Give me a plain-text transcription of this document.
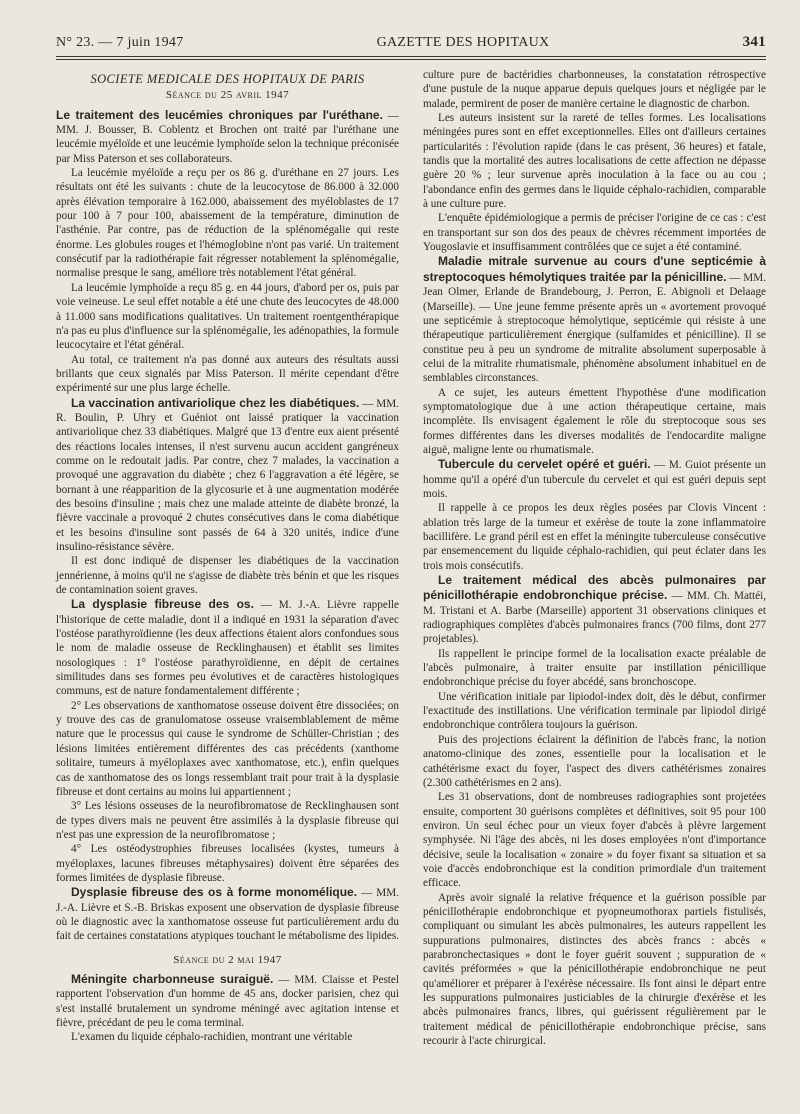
N° 23. — 7 juin 1947	GAZETTE DES HOPITAUX	341
SOCIETE MEDICALE DES HOPITAUX DE PARIS
Séance du 25 avril 1947

Le traitement des leucémies chroniques par l'uréthane. — MM. J. Bousser, B. Coblentz et Brochen ont traité par l'uréthane une leucémie myéloïde et une leucémie lymphoïde selon la technique préconisée par Miss Paterson et ses collaborateurs.

La leucémie myéloïde a reçu per os 86 g. d'uréthane en 27 jours. Les résultats ont été les suivants : chute de la leucocytose de 86.000 à 32.000 après élévation temporaire à 162.000, abaissement des myéloblastes de 17 pour 100 à 7 pour 100, abaissement de la température, diminution de l'asthénie. Par contre, pas de réduction de la splénomégalie qui reste énorme. Les globules rouges et l'hémoglobine n'ont pas varié. Un traitement consécutif par la radiothérapie fait régresser notablement la splénomégalie, normalise presque le sang, améliore très notablement l'état général.

La leucémie lymphoïde a reçu 85 g. en 44 jours, d'abord per os, puis par voie veineuse. Le seul effet notable a été une chute des leucocytes de 48.000 à 11.000 sans modifications qualitatives. Un traitement roentgenthérapique n'a pas eu plus d'influence sur la splénomégalie, les adénopathies, la formule leucocytaire et l'état général.

Au total, ce traitement n'a pas donné aux auteurs des résultats aussi brillants que ceux signalés par Miss Paterson. Il mérite cependant d'être expérimenté sur une plus large échelle.

La vaccination antivariolique chez les diabétiques. — MM. R. Boulin, P. Uhry et Guéniot ont laissé pratiquer la vaccination antivariolique chez 33 diabétiques. Malgré que 13 d'entre eux aient présenté des réactions locales intenses, il n'est survenu aucun accident gangréneux comme on le redoutait jadis. Par contre, chez 7 malades, la vaccination a provoqué une aggravation du diabète ; chez 6 l'aggravation a été légère, se bornant à une réapparition de la glycosurie et à une augmentation modérée des besoins d'insuline ; mais chez une malade atteinte de diabète bronzé, la fièvre vaccinale a provoqué 2 chutes consécutives dans le coma diabétique et les besoins d'insuline sont passés de 64 à 320 unités, indice d'une insulino-résistance sévère.

Il est donc indiqué de dispenser les diabétiques de la vaccination jennérienne, à moins qu'il ne s'agisse de diabète très bénin et que les risques de contamination soient graves.

La dysplasie fibreuse des os. — M. J.-A. Lièvre rappelle l'historique de cette maladie, dont il a indiqué en 1931 la séparation d'avec l'ostéose parathyroïdienne (les deux affections étaient alors confondues sous le nom de maladie osseuse de Recklinghausen) et établit ses limites nosologiques : 1° l'ostéose parathyroïdienne, en dépit de certaines similitudes dans ses formes peu évolutives et de caractères histologiques communs, est de nature fondamentalement différente ;

2° Les observations de xanthomatose osseuse doivent être dissociées; on y trouve des cas de granulomatose osseuse vraisemblablement de même nature que le processus qui cause le syndrome de Schüller-Christian ; des lésions limitées entièrement différentes des cas précédents (xanthome solitaire, tumeurs à myéloplaxes avec xanthomatose, etc.), enfin quelques cas de xanthomatose des os longs ressemblant trait pour trait à la dysplasie fibreuse et dont certains au moins lui appartiennent ;

3° Les lésions osseuses de la neurofibromatose de Recklinghausen sont de types divers mais ne peuvent être assimilés à la dysplasie fibreuse qui n'est pas une expression de la neurofibromatose ;

4° Les ostéodystrophies fibreuses localisées (kystes, tumeurs à myéloplaxes, lacunes fibreuses métaphysaires) doivent être séparées des formes limitées de dysplasie fibreuse.

Dysplasie fibreuse des os à forme monomélique. — MM. J.-A. Lièvre et S.-B. Briskas exposent une observation de dysplasie fibreuse où le diagnostic avec la xanthomatose osseuse fut particulièrement ardu du fait de certaines constatations atypiques touchant le métabolisme des lipides.

Séance du 2 mai 1947

Méningite charbonneuse suraiguë. — MM. Claisse et Pestel rapportent l'observation d'un homme de 45 ans, docker parisien, chez qui s'est installé brutalement un syndrome méningé avec agitation intense et fièvre, précédant de peu le coma terminal.

L'examen du liquide céphalo-rachidien, montrant une véritable

culture pure de bactéridies charbonneuses, la constatation rétrospective d'une pustule de la nuque apparue depuis quelques jours et négligée par le malade, permirent de poser de manière certaine le diagnostic de charbon.

Les auteurs insistent sur la rareté de telles formes. Les localisations méningées pures sont en effet exceptionnelles. Elles ont d'ailleurs certaines particularités : l'évolution rapide (dans le cas présent, 36 heures) et fatale, tandis que la mortalité des autres localisations de cette affection ne dépasse guère 20 % ; leur survenue après inoculation à la face ou au cou ; l'abondance enfin des germes dans le liquide céphalo-rachidien, comparable à une culture pure.

L'enquête épidémiologique a permis de préciser l'origine de ce cas : c'est en transportant sur son dos des peaux de chèvres récemment importées de Yougoslavie et insuffisamment contrôlées que ce sujet a été contaminé.

Maladie mitrale survenue au cours d'une septicémie à streptocoques hémolytiques traitée par la pénicilline. — MM. Jean Olmer, Erlande de Brandebourg, J. Perron, E. Abignoli et Delaage (Marseille). — Une jeune femme présente après un « avortement provoqué une septicémie à streptocoque hémolytique, septicémie qui résiste à une thérapeutique particulièrement énergique (sulfamides et pénicilline). Il se constitue peu à peu un syndrome de mitralite absolument superposable à celui de la mitralite rhumatismale, phénomène absolument inhabituel en de semblables circonstances.

A ce sujet, les auteurs émettent l'hypothèse d'une modification symptomatologique due à une action thérapeutique certaine, mais incomplète. Ils envisagent également le rôle du streptocoque sous ses formes différentes dans les diverses modalités de l'endocardite maligne aiguë, maligne lente ou rhumatismale.

Tubercule du cervelet opéré et guéri. — M. Guiot présente un homme qu'il a opéré d'un tubercule du cervelet et qui est guéri depuis sept mois.

Il rappelle à ce propos les deux règles posées par Clovis Vincent : ablation très large de la tumeur et exérèse de toute la zone inflammatoire bacillifère. Le grand péril est en effet la méningite tuberculeuse consécutive par ensemencement du liquide céphalo-rachidien, qui peut éclater dans les trois mois consécutifs.

Le traitement médical des abcès pulmonaires par pénicillothérapie endobronchique précise. — MM. Ch. Mattéi, M. Tristani et A. Barbe (Marseille) apportent 31 observations cliniques et radiographiques complètes d'abcès pulmonaires francs (700 films, dont 277 projetables).

Ils rappellent le principe formel de la localisation exacte préalable de l'abcès pulmonaire, à traiter ensuite par instillation pénicillique endobronchique précise du foyer abcédé, sans bronchoscope.

Une vérification initiale par lipiodol-index doit, dès le début, confirmer l'exactitude des instillations. Une vérification terminale par lipiodol dirigé endobronchique contrôlera toujours la guérison.

Puis des projections éclairent la définition de l'abcès franc, la notion anatomo-clinique des zones, essentielle pour la localisation et le cathétérisme exact du foyer, l'aspect des divers cathétérismes zonaires (2.300 cathétérismes en 2 ans).

Les 31 observations, dont de nombreuses radiographies sont projetées ensuite, comportent 30 guérisons complètes et définitives, soit 95 pour 100 environ. Un seul échec pour un vieux foyer d'abcès à plèvre largement symphysée. Ni l'âge des abcès, ni les doses employées n'ont d'importance décisive, seule la localisation « zonaire » du foyer fixant sa situation et sa voie d'accès endobronchique est la condition primordiale d'un traitement efficace.

Après avoir signalé la relative fréquence et la guérison possible par pénicillothérapie endobronchique et pyopneumothorax partiels fistulisés, compliquant ou simulant les abcès pulmonaires, les auteurs rappellent les suppurations pulmonaires, distinctes des abcès francs : abcès « parabronchectasiques » dont le foyer guérit souvent ; suppuration de « cavités préformées » que la pénicillothérapie endobronchique ne peut qu'améliorer et préparer à l'exérèse nécessaire. Ils font ainsi le départ entre les suppurations pulmonaires justiciables de la chirurgie d'exérèse et les abcès pulmonaires francs, libres, qui guérissent régulièrement par le traitement médical de pénicillothérapie endobronchique précise, sans recourir à l'acte chirurgical.
